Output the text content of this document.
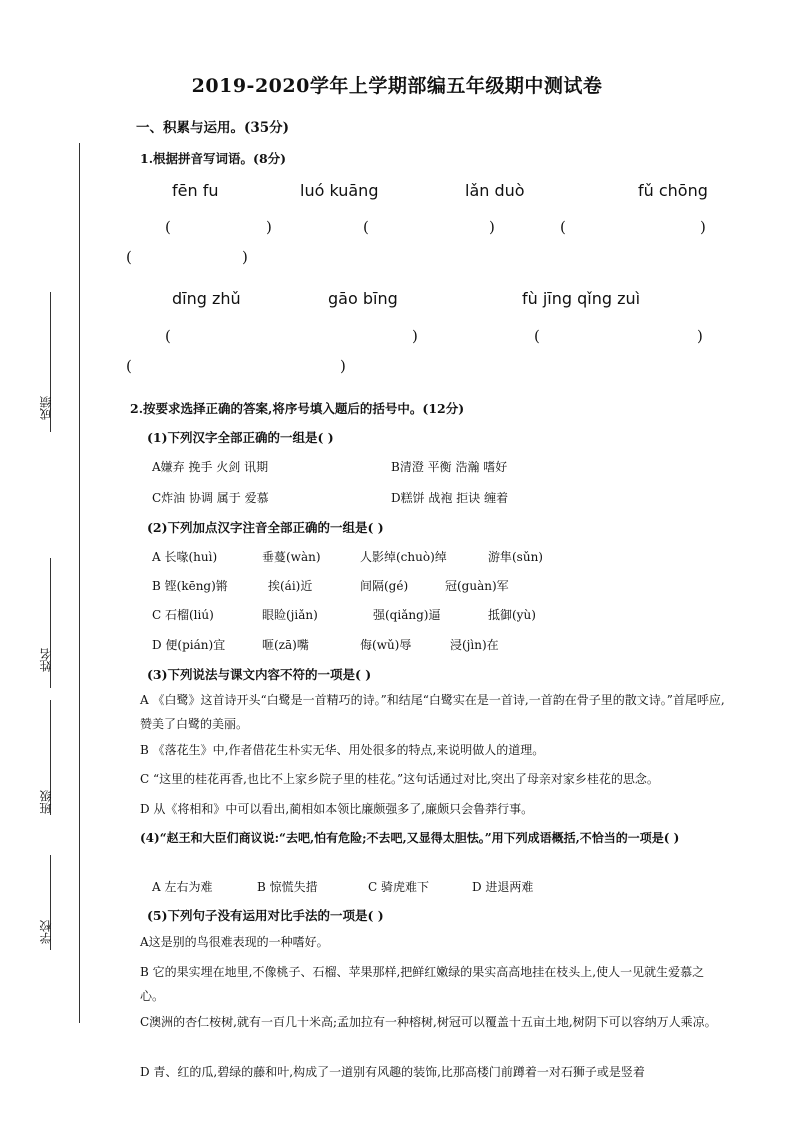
成绩
姓名
班级
学校
2019-2020学年上学期部编五年级期中测试卷
一、积累与运用。(35分)
1.根据拼音写词语。(8分)
fēn fu	luó kuāng	lǎn duò	fǔ chōng
(	)	(	)	(	)
(	)
dīng zhǔ	gāo bīng	fù jīng qǐng zuì
(	)	(	)
(	)
2.按要求选择正确的答案,将序号填入题后的括号中。(12分)
(1)下列汉字全部正确的一组是( )
A嫌弃 挽手 火剑 讯期	B清澄 平衡 浩瀚 嗜好
C炸油 协调 属于 爱慕	D糕饼 战袍 拒诀 缠着
(2)下列加点汉字注音全部正确的一组是( )
A 长喙(huì)	垂蔓(wàn)	人影绰(chuò)绰	游隼(sǔn)
B 铿(kēng)锵	挨(ái)近	间隔(gé)	冠(guàn)军
C 石榴(liú)	眼睑(jiǎn)	强(qiǎng)逼	抵御(yù)
D 便(pián)宜	咂(zā)嘴	侮(wǔ)辱	浸(jìn)在
(3)下列说法与课文内容不符的一项是( )
A 《白鹭》这首诗开头“白鹭是一首精巧的诗。”和结尾“白鹭实在是一首诗,一首韵在骨子里的散文诗。”首尾呼应,赞美了白鹭的美丽。
B 《落花生》中,作者借花生朴实无华、用处很多的特点,来说明做人的道理。
C “这里的桂花再香,也比不上家乡院子里的桂花。”这句话通过对比,突出了母亲对家乡桂花的思念。
D 从《将相和》中可以看出,蔺相如本领比廉颇强多了,廉颇只会鲁莽行事。
(4)“赵王和大臣们商议说:“去吧,怕有危险;不去吧,又显得太胆怯。”用下列成语概括,不恰当的一项是( )
A 左右为难	B 惊慌失措	C 骑虎难下	D 进退两难
(5)下列句子没有运用对比手法的一项是( )
A这是别的鸟很难表现的一种嗜好。
B 它的果实埋在地里,不像桃子、石榴、苹果那样,把鲜红嫩绿的果实高高地挂在枝头上,使人一见就生爱慕之心。
C澳洲的杏仁桉树,就有一百几十米高;孟加拉有一种榕树,树冠可以覆盖十五亩土地,树阴下可以容纳万人乘凉。
D 青、红的瓜,碧绿的藤和叶,构成了一道别有风趣的装饰,比那高楼门前蹲着一对石狮子或是竖着
